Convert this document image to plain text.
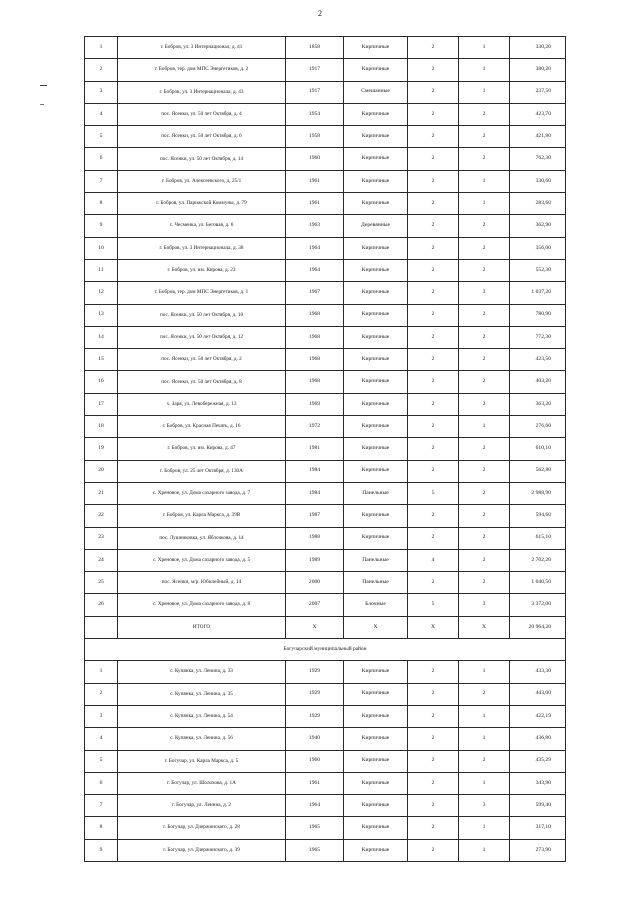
2
1	г. Бобров, ул. 3 Интернационал, д. 41	1858	Кирпичные	2	1	330,20
2	г. Бобров, тер. дом МПС Энергетиков, д. 2	1917	Кирпичные	2	1	380,20
3	г. Бобров, ул. 3 Интернационала, д. 43	1917	Смешанные	2	1	237,50
4	пос. Ясенки, ул. 50 лет Октября, д. 4	1954	Кирпичные	2	2	423,70
5	пос. Ясенки, ул. 50 лет Октября, д. 6	1958	Кирпичные	2	2	421,80
6	пос. Ясенки, ул. 50 лет Октября, д. 14	1960	Кирпичные	2	2	762,30
7	г. Бобров, ул. Алексеевского, д. 25/1	1961	Кирпичные	2	1	330,60
8	г. Бобров, ул. Парижской Коммуны, д. 79	1961	Кирпичные	2	1	283,60
9	с. Чесменка, ул. Беговая, д. 6	1963	Деревянные	2	2	362,90
10	г. Бобров, ул. 3 Интернационала, д. 38	1964	Кирпичные	2	2	356,00
11	г. Бобров, ул. им. Кирова, д. 23	1964	Кирпичные	2	2	552,30
12	г. Бобров, тер. дом МПС Энергетиков, д. 1	1967	Кирпичные	2	3	1 037,20
13	пос. Ясенки, ул. 50 лет Октября, д. 10	1968	Кирпичные	2	2	780,90
14	пос. Ясенки, ул. 50 лет Октября, д. 12	1968	Кирпичные	2	2	772,30
15	пос. Ясенки, ул. 50 лет Октября, д. 2	1968	Кирпичные	2	2	423,50
16	пос. Ясенки, ул. 50 лет Октября, д. 8	1968	Кирпичные	2	2	403,20
17	х. Заря, ул. Левобережная, д. 13	1969	Кирпичные	2	2	363,20
18	г. Бобров, ул. Красная Печать, д. 16	1972	Кирпичные	2	1	276,60
19	г. Бобров, ул. им. Кирова, д. 47	1981	Кирпичные	2	2	610,10
20	г. Бобров, ул. 25 лет Октября, д. 130А	1984	Кирпичные	2	2	562,80
21	с. Хреновое, ул. Дома сахарного завода, д. 7	1984	Панельные	5	2	2 988,90
22	г. Бобров, ул. Карла Маркса, д. 39В	1987	Кирпичные	2	2	594,60
23	пос. Лушниковка, ул. Яблочкова, д. 14	1988	Кирпичные	2	2	615,10
24	с. Хреновое, ул. Дома сахарного завода, д. 5	1989	Панельные	4	2	2 702,20
25	пос. Ясенки, м/р. Юбилейный, д. 14	2000	Панельные	2	2	1 040,50
26	с. Хреновое, ул. Дома сахарного завода, д. 8	2007	Блочные	5	3	3 372,00
	ИТОГО	X	X	X	X	20 964,20
Богучарский муниципальный район						
1	с. Купянка, ул. Ленина, д. 33	1929	Кирпичные	2	1	433,30
2	с. Купянка, ул. Ленина, д. 35	1929	Кирпичные	2	2	443,00
3	с. Купянка, ул. Ленина, д. 54	1929	Кирпичные	2	1	422,19
4	с. Купянка, ул. Ленина, д. 56	1940	Кирпичные	2	1	436,80
5	г. Богучар, ул. Карла Маркса, д. 5	1960	Кирпичные	2	2	435,29
6	г. Богучар, ул. Шолохова, д. 1А	1961	Кирпичные	2	1	343,90
7	г. Богучар, ул. Ленина, д. 2	1964	Кирпичные	2	3	599,40
8	г. Богучар, ул. Дзержинского, д. 28	1965	Кирпичные	2	1	317,10
9	г. Богучар, ул. Дзержинского, д. 39	1965	Кирпичные	2	1	273,90
